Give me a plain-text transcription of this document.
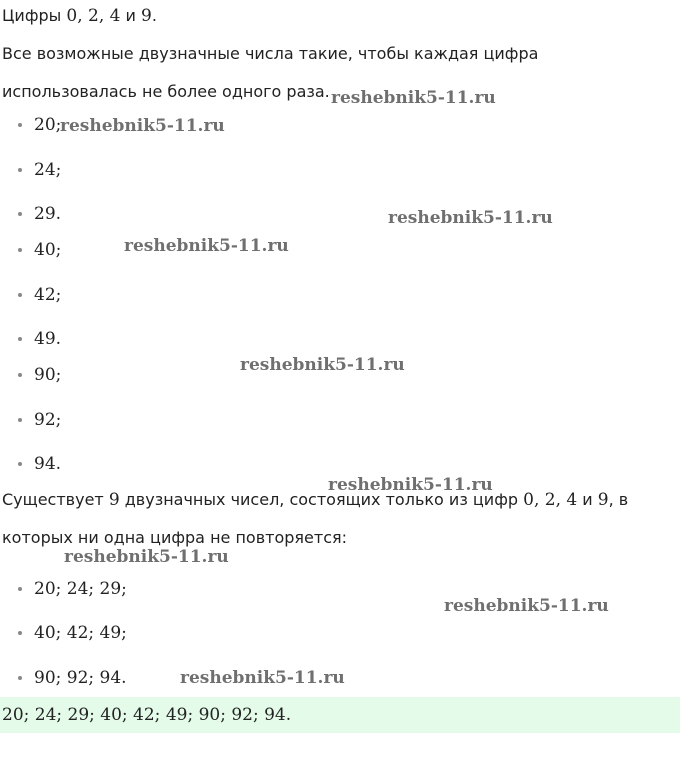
Цифры 0, 2, 4 и 9.

Все возможные двузначные числа такие, чтобы каждая цифра

использовалась не более одного раза.

20;

24;

29.

40;

42;

49.

90;

92;

94.

Существует 9 двузначных чисел, состоящих только из цифр 0, 2, 4 и 9, в

которых ни одна цифра не повторяется:

20; 24; 29;

40; 42; 49;

90; 92; 94.

20; 24; 29; 40; 42; 49; 90; 92; 94.

reshebnik5-11.ru

reshebnik5-11.ru

reshebnik5-11.ru

reshebnik5-11.ru

reshebnik5-11.ru

reshebnik5-11.ru

reshebnik5-11.ru

reshebnik5-11.ru

reshebnik5-11.ru
